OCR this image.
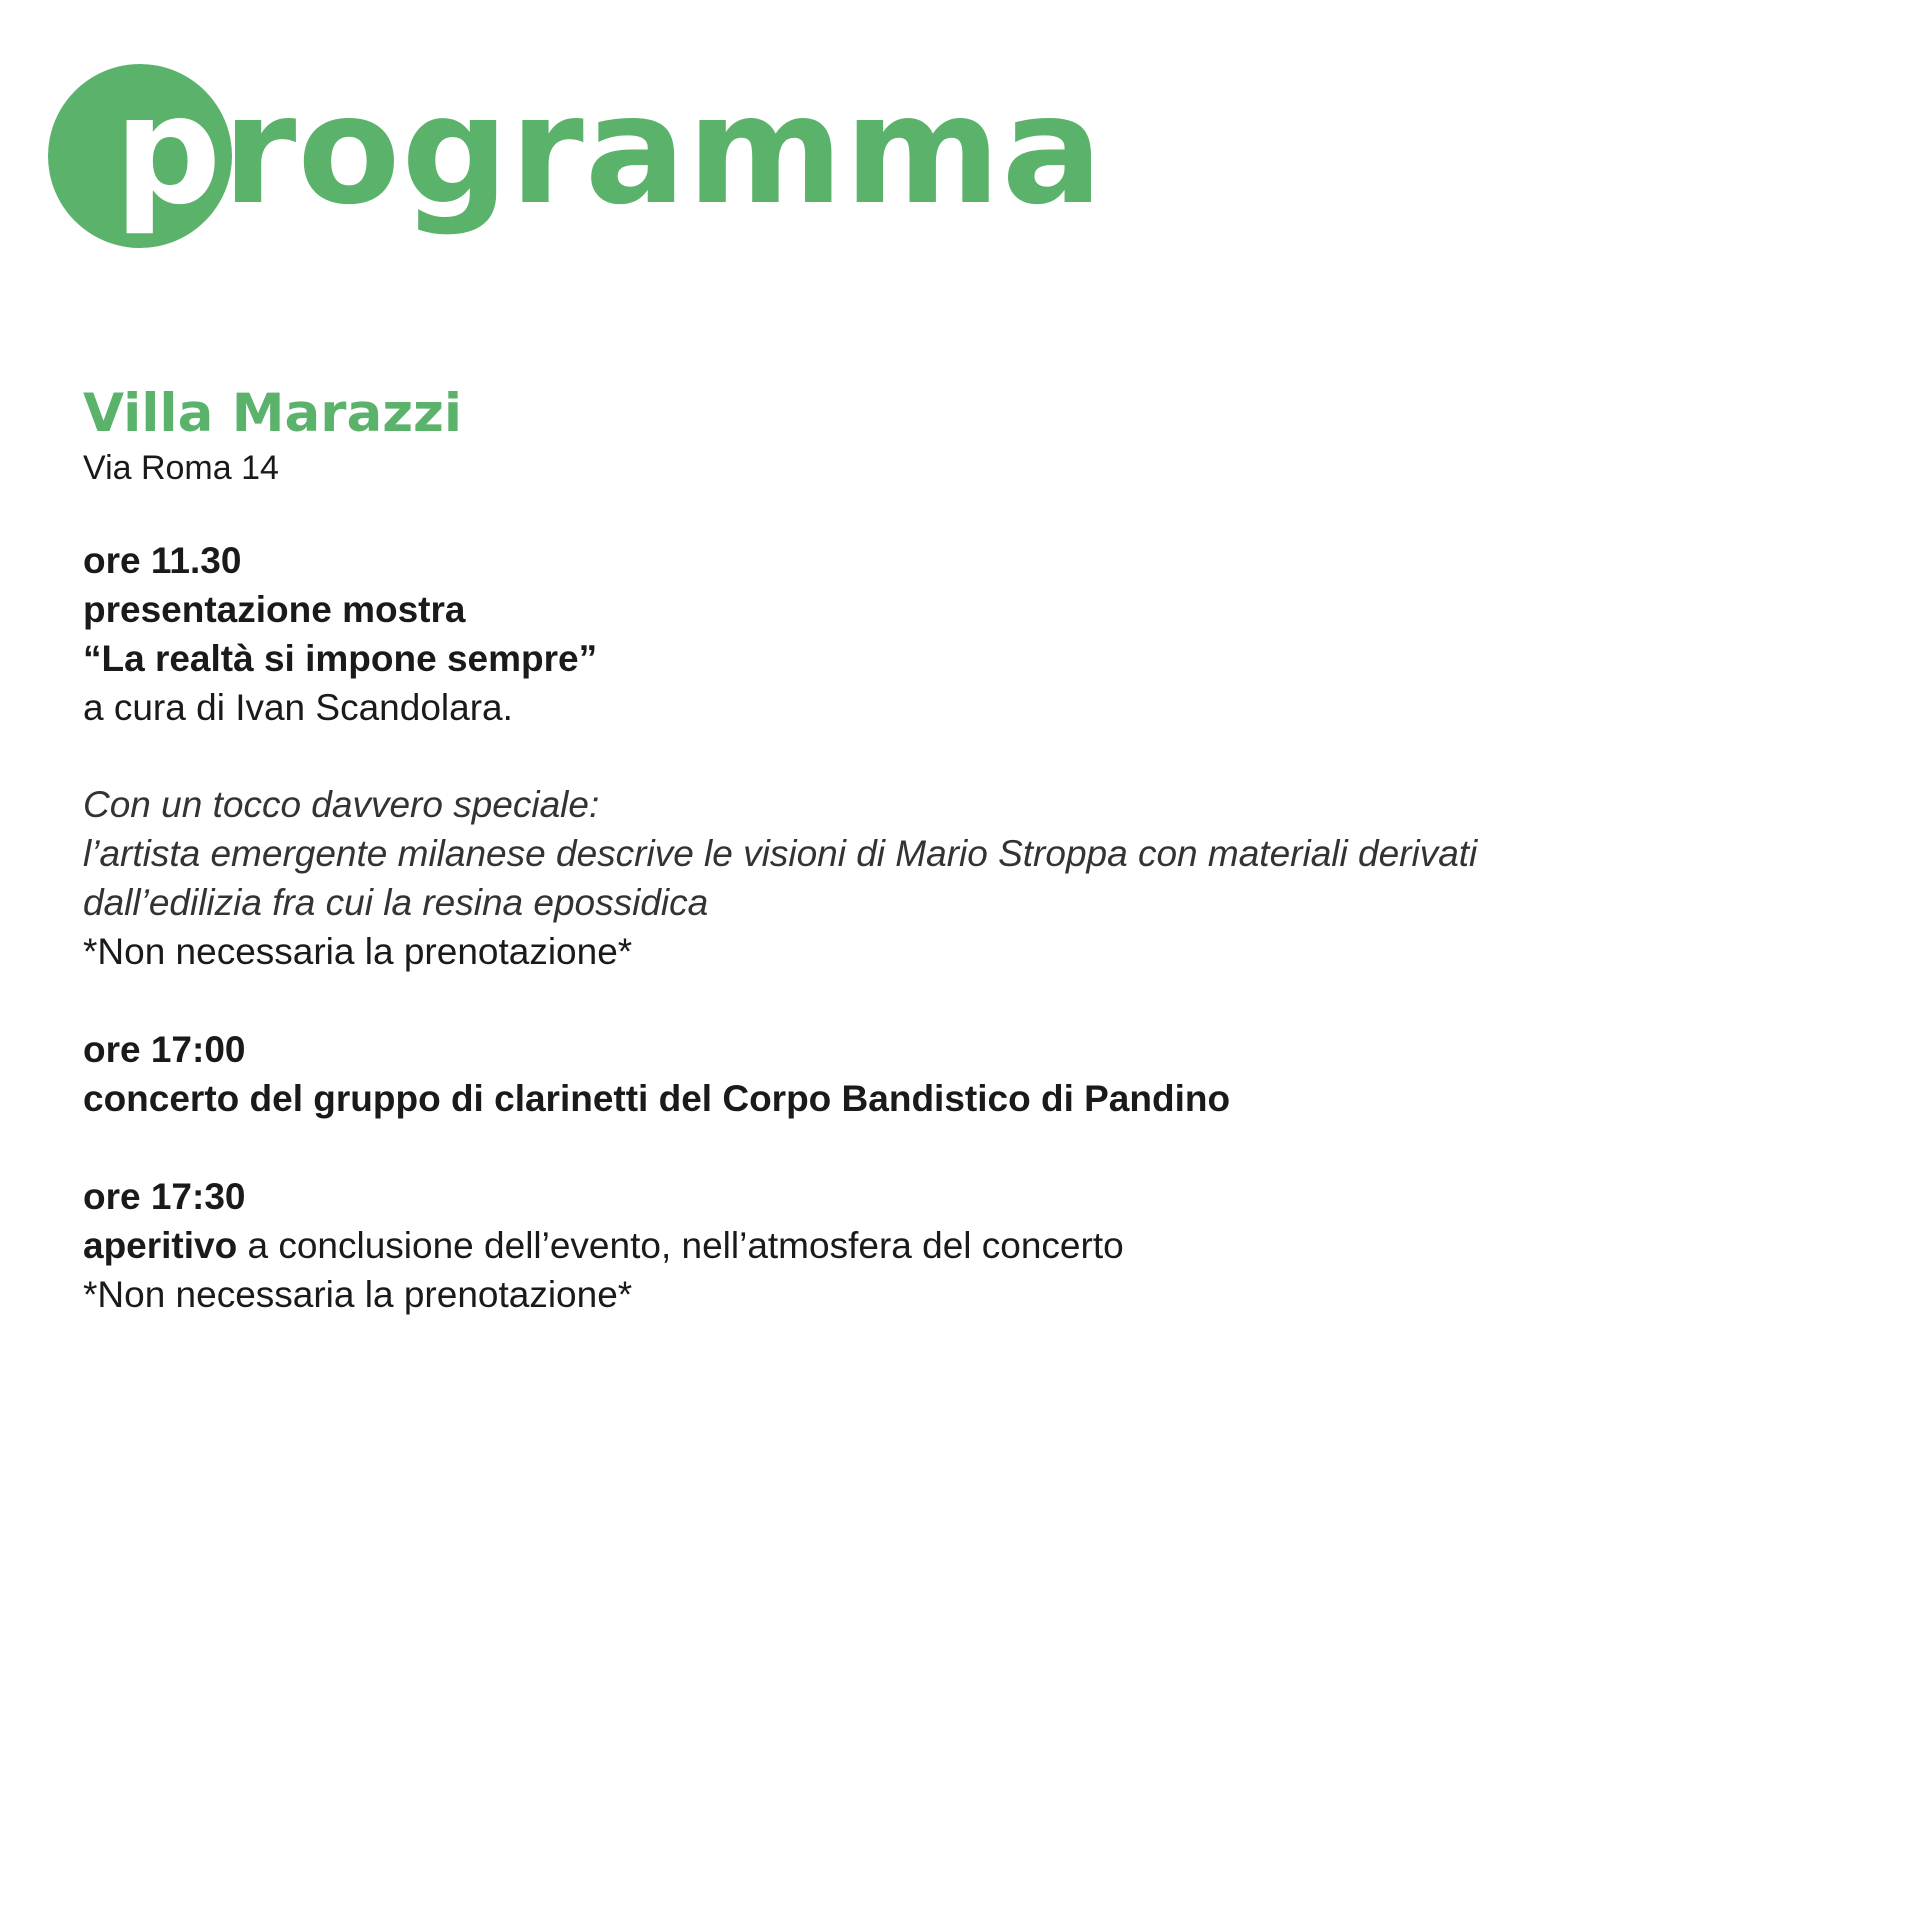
programma

Villa Marazzi

Via Roma 14

ore 11.30

presentazione mostra

“La realtà si impone sempre”

a cura di Ivan Scandolara.

Con un tocco davvero speciale:

l’artista emergente milanese descrive le visioni di Mario Stroppa con materiali derivati

dall’edilizia fra cui la resina epossidica

*Non necessaria la prenotazione*

ore 17:00

concerto del gruppo di clarinetti del Corpo Bandistico di Pandino

ore 17:30

aperitivo a conclusione dell’evento, nell’atmosfera del concerto

*Non necessaria la prenotazione*
